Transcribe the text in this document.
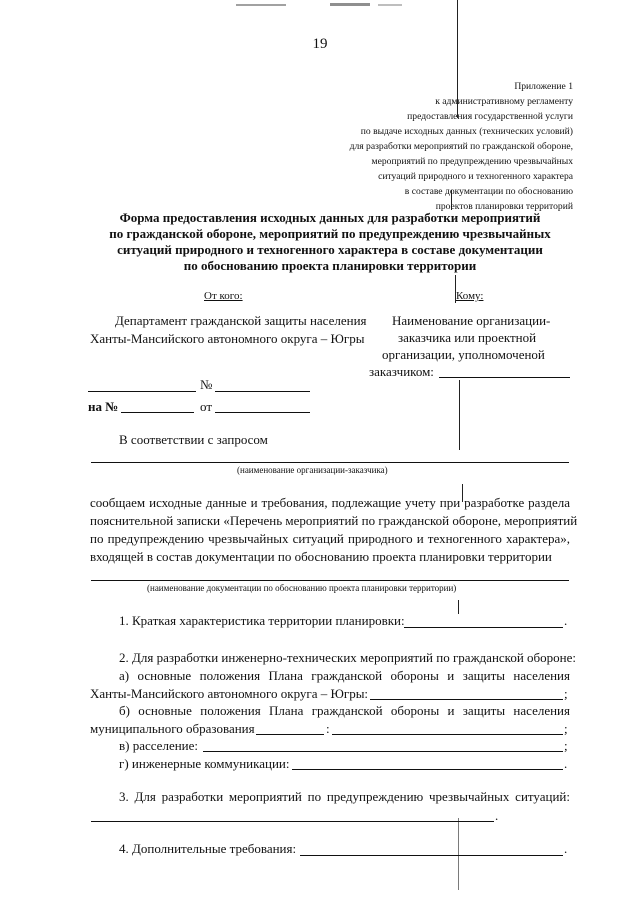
19
Приложение 1
к административному регламенту
предоставления государственной услуги
по выдаче исходных данных (технических условий)
для разработки мероприятий по гражданской обороне,
мероприятий по предупреждению чрезвычайных
ситуаций природного и техногенного характера
в составе документации по обоснованию
проектов планировки территорий
Форма предоставления исходных данных для разработки мероприятий
по гражданской обороне, мероприятий по предупреждению чрезвычайных
ситуаций природного и техногенного характера в составе документации
по обоснованию проекта планировки территории
От кого:	Кому:
Департамент гражданской защиты населения
Ханты-Мансийского автономного округа – Югры
Наименование организации-
заказчика или проектной
организации, уполномоченой
заказчиком:
№
на №	от
В соответствии с запросом
(наименование организации-заказчика)

сообщаем исходные данные и требования, подлежащие учету при разработке раздела

пояснительной записки «Перечень мероприятий по гражданской обороне, мероприятий

по предупреждению чрезвычайных ситуаций природного и техногенного характера»,

входящей в состав документации по обоснованию проекта планировки территории
(наименование документации по обоснованию проекта планировки территории)
1. Краткая характеристика территории планировки:	.
2. Для разработки инженерно-технических мероприятий по гражданской обороне:

а) основные положения Плана гражданской обороны и защиты населения

Ханты-Мансийского автономного округа – Югры:	;

б) основные положения Плана гражданской обороны и защиты населения

муниципального образования	:	;
в) расселение:	;
г) инженерные коммуникации:	.

3. Для разработки мероприятий по предупреждению чрезвычайных ситуаций:

.
4. Дополнительные требования:	.
